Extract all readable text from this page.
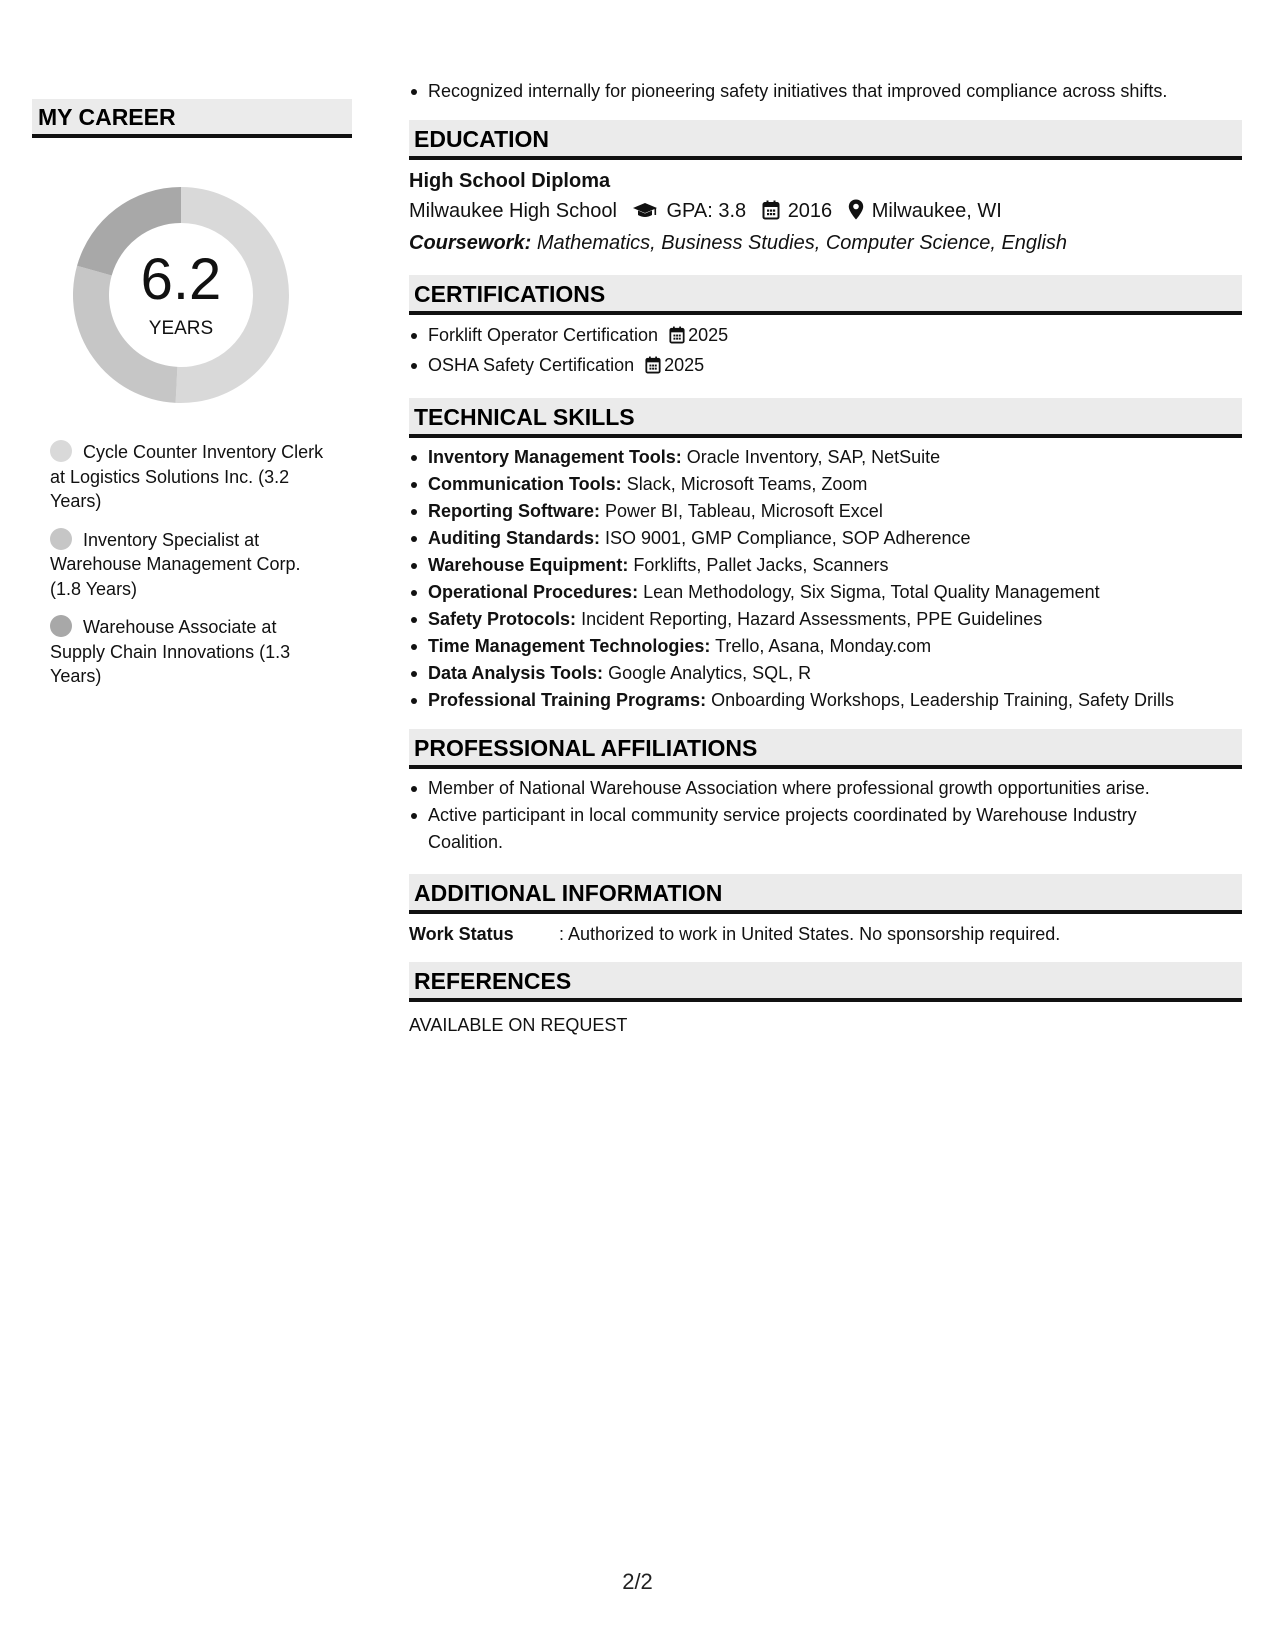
MY CAREER
6.2
YEARS
Cycle Counter Inventory Clerk at Logistics Solutions Inc. (3.2 Years)
Inventory Specialist at Warehouse Management Corp. (1.8 Years)
Warehouse Associate at Supply Chain Innovations (1.3 Years)
Recognized internally for pioneering safety initiatives that improved compliance across shifts.
EDUCATION
High School Diploma
Milwaukee High School GPA: 3.8 2016 Milwaukee, WI
Coursework: Mathematics, Business Studies, Computer Science, English
CERTIFICATIONS
Forklift Operator Certification 2025
OSHA Safety Certification 2025
TECHNICAL SKILLS
Inventory Management Tools: Oracle Inventory, SAP, NetSuite
Communication Tools: Slack, Microsoft Teams, Zoom
Reporting Software: Power BI, Tableau, Microsoft Excel
Auditing Standards: ISO 9001, GMP Compliance, SOP Adherence
Warehouse Equipment: Forklifts, Pallet Jacks, Scanners
Operational Procedures: Lean Methodology, Six Sigma, Total Quality Management
Safety Protocols: Incident Reporting, Hazard Assessments, PPE Guidelines
Time Management Technologies: Trello, Asana, Monday.com
Data Analysis Tools: Google Analytics, SQL, R
Professional Training Programs: Onboarding Workshops, Leadership Training, Safety Drills
PROFESSIONAL AFFILIATIONS
Member of National Warehouse Association where professional growth opportunities arise.
Active participant in local community service projects coordinated by Warehouse Industry Coalition.
ADDITIONAL INFORMATION
Work Status	: Authorized to work in United States. No sponsorship required.
REFERENCES
AVAILABLE ON REQUEST
2/2
